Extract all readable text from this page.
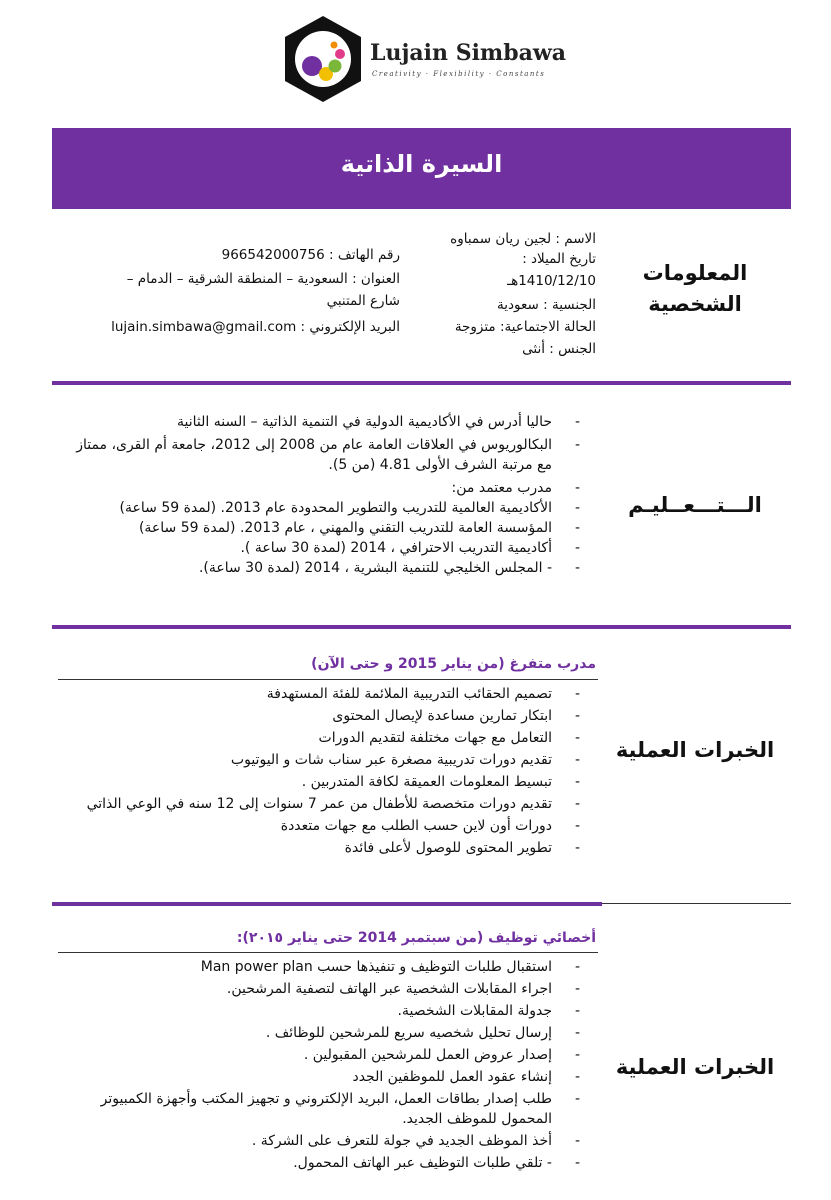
Lujain Simbawa
Creativity · Flexibility · Constants
السيرة الذاتية
المعلومات الشخصية
الاسم : لجين ريان سمباوه
تاريخ الميلاد :
1410/12/10هـ
الجنسية : سعودية
الحالة الاجتماعية: متزوجة
الجنس : أنثى
رقم الهاتف : 966542000756
العنوان : السعودية – المنطقة الشرقية – الدمام –
شارع المتنبي
البريد الإلكتروني : lujain.simbawa@gmail.com
الـــتـــعــليـم
-
حاليا أدرس في الأكاديمية الدولية في التنمية الذاتية – السنه الثانية
-
البكالوريوس في العلاقات العامة عام من 2008 إلى 2012، جامعة أم القرى، ممتاز مع مرتبة الشرف الأولى 4.81 (من 5).
-
مدرب معتمد من:
-
الأكاديمية العالمية للتدريب والتطوير المحدودة عام 2013. (لمدة 59 ساعة)
-
المؤسسة العامة للتدريب التقني والمهني ، عام 2013. (لمدة 59 ساعة)
-
أكاديمية التدريب الاحترافي ، 2014 (لمدة 30 ساعة ).
-
- المجلس الخليجي للتنمية البشرية ، 2014 (لمدة 30 ساعة).
الخبرات العملية
مدرب متفرغ (من يناير 2015 و حتى الآن)
-
تصميم الحقائب التدريبية الملائمة للفئة المستهدفة
-
ابتكار تمارين مساعدة لإيصال المحتوى
-
التعامل مع جهات مختلفة لتقديم الدورات
-
تقديم دورات تدريبية مصغرة عبر سناب شات و اليوتيوب
-
تبسيط المعلومات العميقة لكافة المتدربين .
-
تقديم دورات متخصصة للأطفال من عمر 7 سنوات إلى 12 سنه في الوعي الذاتي
-
دورات أون لاين حسب الطلب مع جهات متعددة
-
تطوير المحتوى للوصول لأعلى فائدة
الخبرات العملية
أخصائي توظيف (من سبتمبر 2014 حتى يناير ٢٠١٥):
-
استقبال طلبات التوظيف و تنفيذها حسب Man power plan
-
اجراء المقابلات الشخصية عبر الهاتف لتصفية المرشحين.
-
جدولة المقابلات الشخصية.
-
إرسال تحليل شخصيه سريع للمرشحين للوظائف .
-
إصدار عروض العمل للمرشحين المقبولين .
-
إنشاء عقود العمل للموظفين الجدد
-
طلب إصدار بطاقات العمل، البريد الإلكتروني و تجهيز المكتب وأجهزة الكمبيوتر المحمول للموظف الجديد.
-
أخذ الموظف الجديد في جولة للتعرف على الشركة .
-
- تلقي طلبات التوظيف عبر الهاتف المحمول.
